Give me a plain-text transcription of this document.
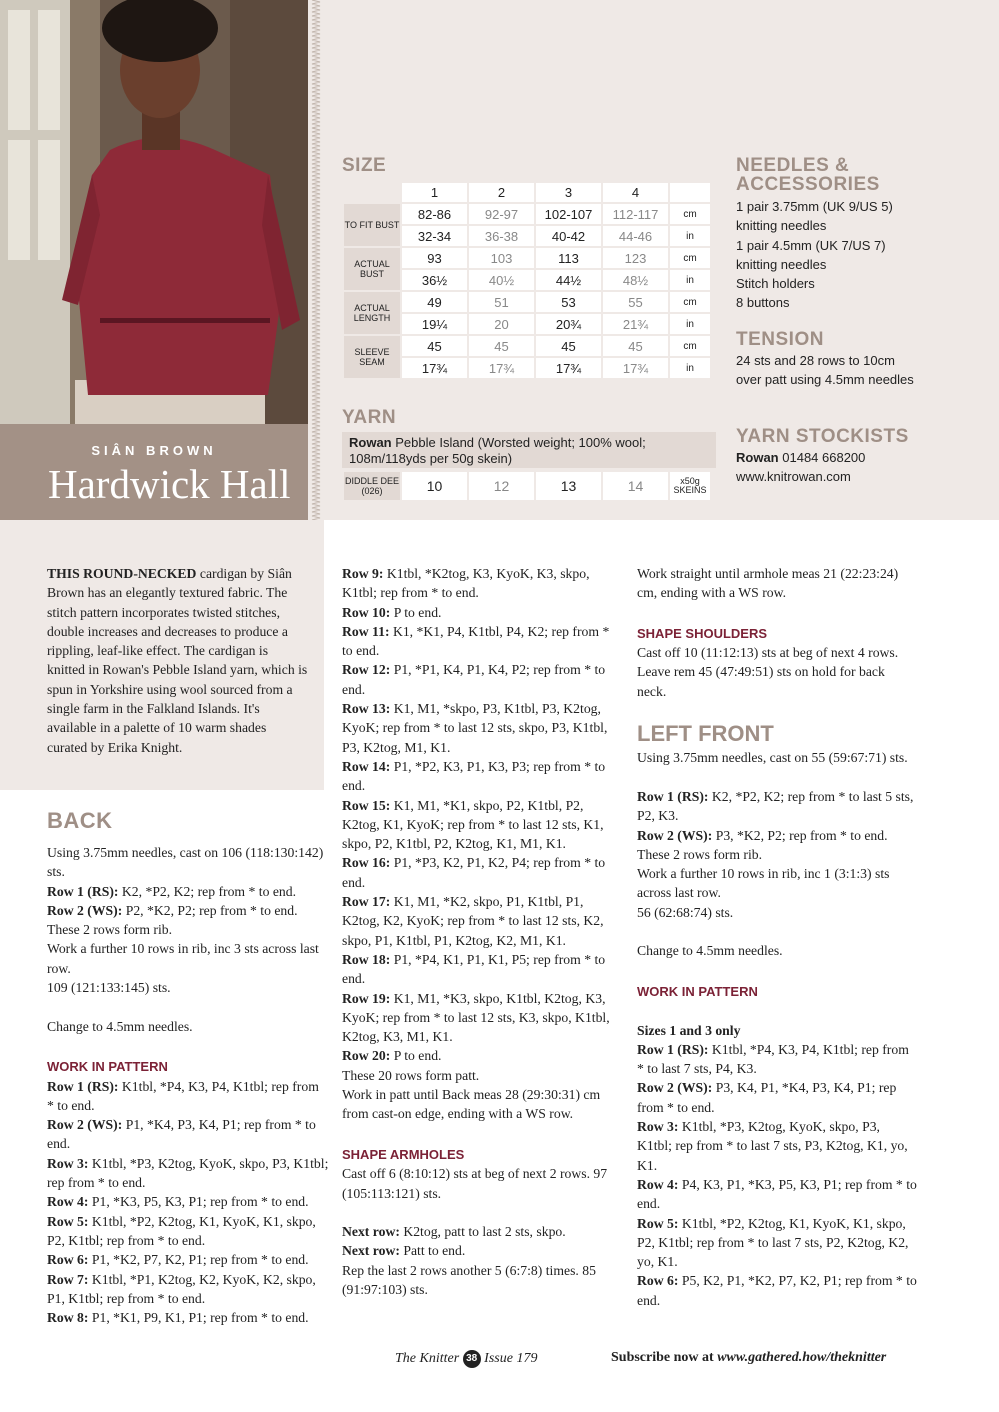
SIÂN BROWN
Hardwick Hall
SIZE
	1	2	3	4	
TO FIT BUST	82-86	92-97	102-107	112-117	cm
	32-34	36-38	40-42	44-46	in
ACTUAL BUST	93	103	113	123	cm
	36½	40½	44½	48½	in
ACTUAL LENGTH	49	51	53	55	cm
	19¼	20	20¾	21¾	in
SLEEVE SEAM	45	45	45	45	cm
	17¾	17¾	17¾	17¾	in
YARN
Rowan Pebble Island (Worsted weight; 100% wool; 108m/118yds per 50g skein)
DIDDLE DEE (026)	10	12	13	14	x50g SKEINS
NEEDLES & ACCESSORIES
1 pair 3.75mm (UK 9/US 5) knitting needles
1 pair 4.5mm (UK 7/US 7) knitting needles
Stitch holders
8 buttons
TENSION
24 sts and 28 rows to 10cm over patt using 4.5mm needles
YARN STOCKISTS
Rowan 01484 668200
www.knitrowan.com
THIS ROUND-NECKED cardigan by Siân Brown has an elegantly textured fabric. The stitch pattern incorporates twisted stitches, double increases and decreases to produce a rippling, leaf-like effect. The cardigan is knitted in Rowan's Pebble Island yarn, which is spun in Yorkshire using wool sourced from a single farm in the Falkland Islands. It's available in a palette of 10 warm shades curated by Erika Knight.
BACK

Using 3.75mm needles, cast on 106 (118:130:142) sts.

Row 1 (RS): K2, *P2, K2; rep from * to end.

Row 2 (WS): P2, *K2, P2; rep from * to end.

These 2 rows form rib.

Work a further 10 rows in rib, inc 3 sts across last row.

109 (121:133:145) sts.

Change to 4.5mm needles.

WORK IN PATTERN

Row 1 (RS): K1tbl, *P4, K3, P4, K1tbl; rep from * to end.

Row 2 (WS): P1, *K4, P3, K4, P1; rep from * to end.

Row 3: K1tbl, *P3, K2tog, KyoK, skpo, P3, K1tbl; rep from * to end.

Row 4: P1, *K3, P5, K3, P1; rep from * to end.

Row 5: K1tbl, *P2, K2tog, K1, KyoK, K1, skpo, P2, K1tbl; rep from * to end.

Row 6: P1, *K2, P7, K2, P1; rep from * to end.

Row 7: K1tbl, *P1, K2tog, K2, KyoK, K2, skpo, P1, K1tbl; rep from * to end.

Row 8: P1, *K1, P9, K1, P1; rep from * to end.

Row 9: K1tbl, *K2tog, K3, KyoK, K3, skpo, K1tbl; rep from * to end.

Row 10: P to end.

Row 11: K1, *K1, P4, K1tbl, P4, K2; rep from * to end.

Row 12: P1, *P1, K4, P1, K4, P2; rep from * to end.

Row 13: K1, M1, *skpo, P3, K1tbl, P3, K2tog, KyoK; rep from * to last 12 sts, skpo, P3, K1tbl, P3, K2tog, M1, K1.

Row 14: P1, *P2, K3, P1, K3, P3; rep from * to end.

Row 15: K1, M1, *K1, skpo, P2, K1tbl, P2, K2tog, K1, KyoK; rep from * to last 12 sts, K1, skpo, P2, K1tbl, P2, K2tog, K1, M1, K1.

Row 16: P1, *P3, K2, P1, K2, P4; rep from * to end.

Row 17: K1, M1, *K2, skpo, P1, K1tbl, P1, K2tog, K2, KyoK; rep from * to last 12 sts, K2, skpo, P1, K1tbl, P1, K2tog, K2, M1, K1.

Row 18: P1, *P4, K1, P1, K1, P5; rep from * to end.

Row 19: K1, M1, *K3, skpo, K1tbl, K2tog, K3, KyoK; rep from * to last 12 sts, K3, skpo, K1tbl, K2tog, K3, M1, K1.

Row 20: P to end.

These 20 rows form patt.

Work in patt until Back meas 28 (29:30:31) cm from cast-on edge, ending with a WS row.

SHAPE ARMHOLES

Cast off 6 (8:10:12) sts at beg of next 2 rows. 97 (105:113:121) sts.

Next row: K2tog, patt to last 2 sts, skpo.

Next row: Patt to end.

Rep the last 2 rows another 5 (6:7:8) times. 85 (91:97:103) sts.

Work straight until armhole meas 21 (22:23:24) cm, ending with a WS row.

SHAPE SHOULDERS

Cast off 10 (11:12:13) sts at beg of next 4 rows. Leave rem 45 (47:49:51) sts on hold for back neck.

LEFT FRONT

Using 3.75mm needles, cast on 55 (59:67:71) sts.

Row 1 (RS): K2, *P2, K2; rep from * to last 5 sts, P2, K3.

Row 2 (WS): P3, *K2, P2; rep from * to end.

These 2 rows form rib.

Work a further 10 rows in rib, inc 1 (3:1:3) sts across last row.

56 (62:68:74) sts.

Change to 4.5mm needles.

WORK IN PATTERN

Sizes 1 and 3 only

Row 1 (RS): K1tbl, *P4, K3, P4, K1tbl; rep from * to last 7 sts, P4, K3.

Row 2 (WS): P3, K4, P1, *K4, P3, K4, P1; rep from * to end.

Row 3: K1tbl, *P3, K2tog, KyoK, skpo, P3, K1tbl; rep from * to last 7 sts, P3, K2tog, K1, yo, K1.

Row 4: P4, K3, P1, *K3, P5, K3, P1; rep from * to end.

Row 5: K1tbl, *P2, K2tog, K1, KyoK, K1, skpo, P2, K1tbl; rep from * to last 7 sts, P2, K2tog, K2, yo, K1.

Row 6: P5, K2, P1, *K2, P7, K2, P1; rep from * to end.

The Knitter 38 Issue 179	Subscribe now at www.gathered.how/theknitter
